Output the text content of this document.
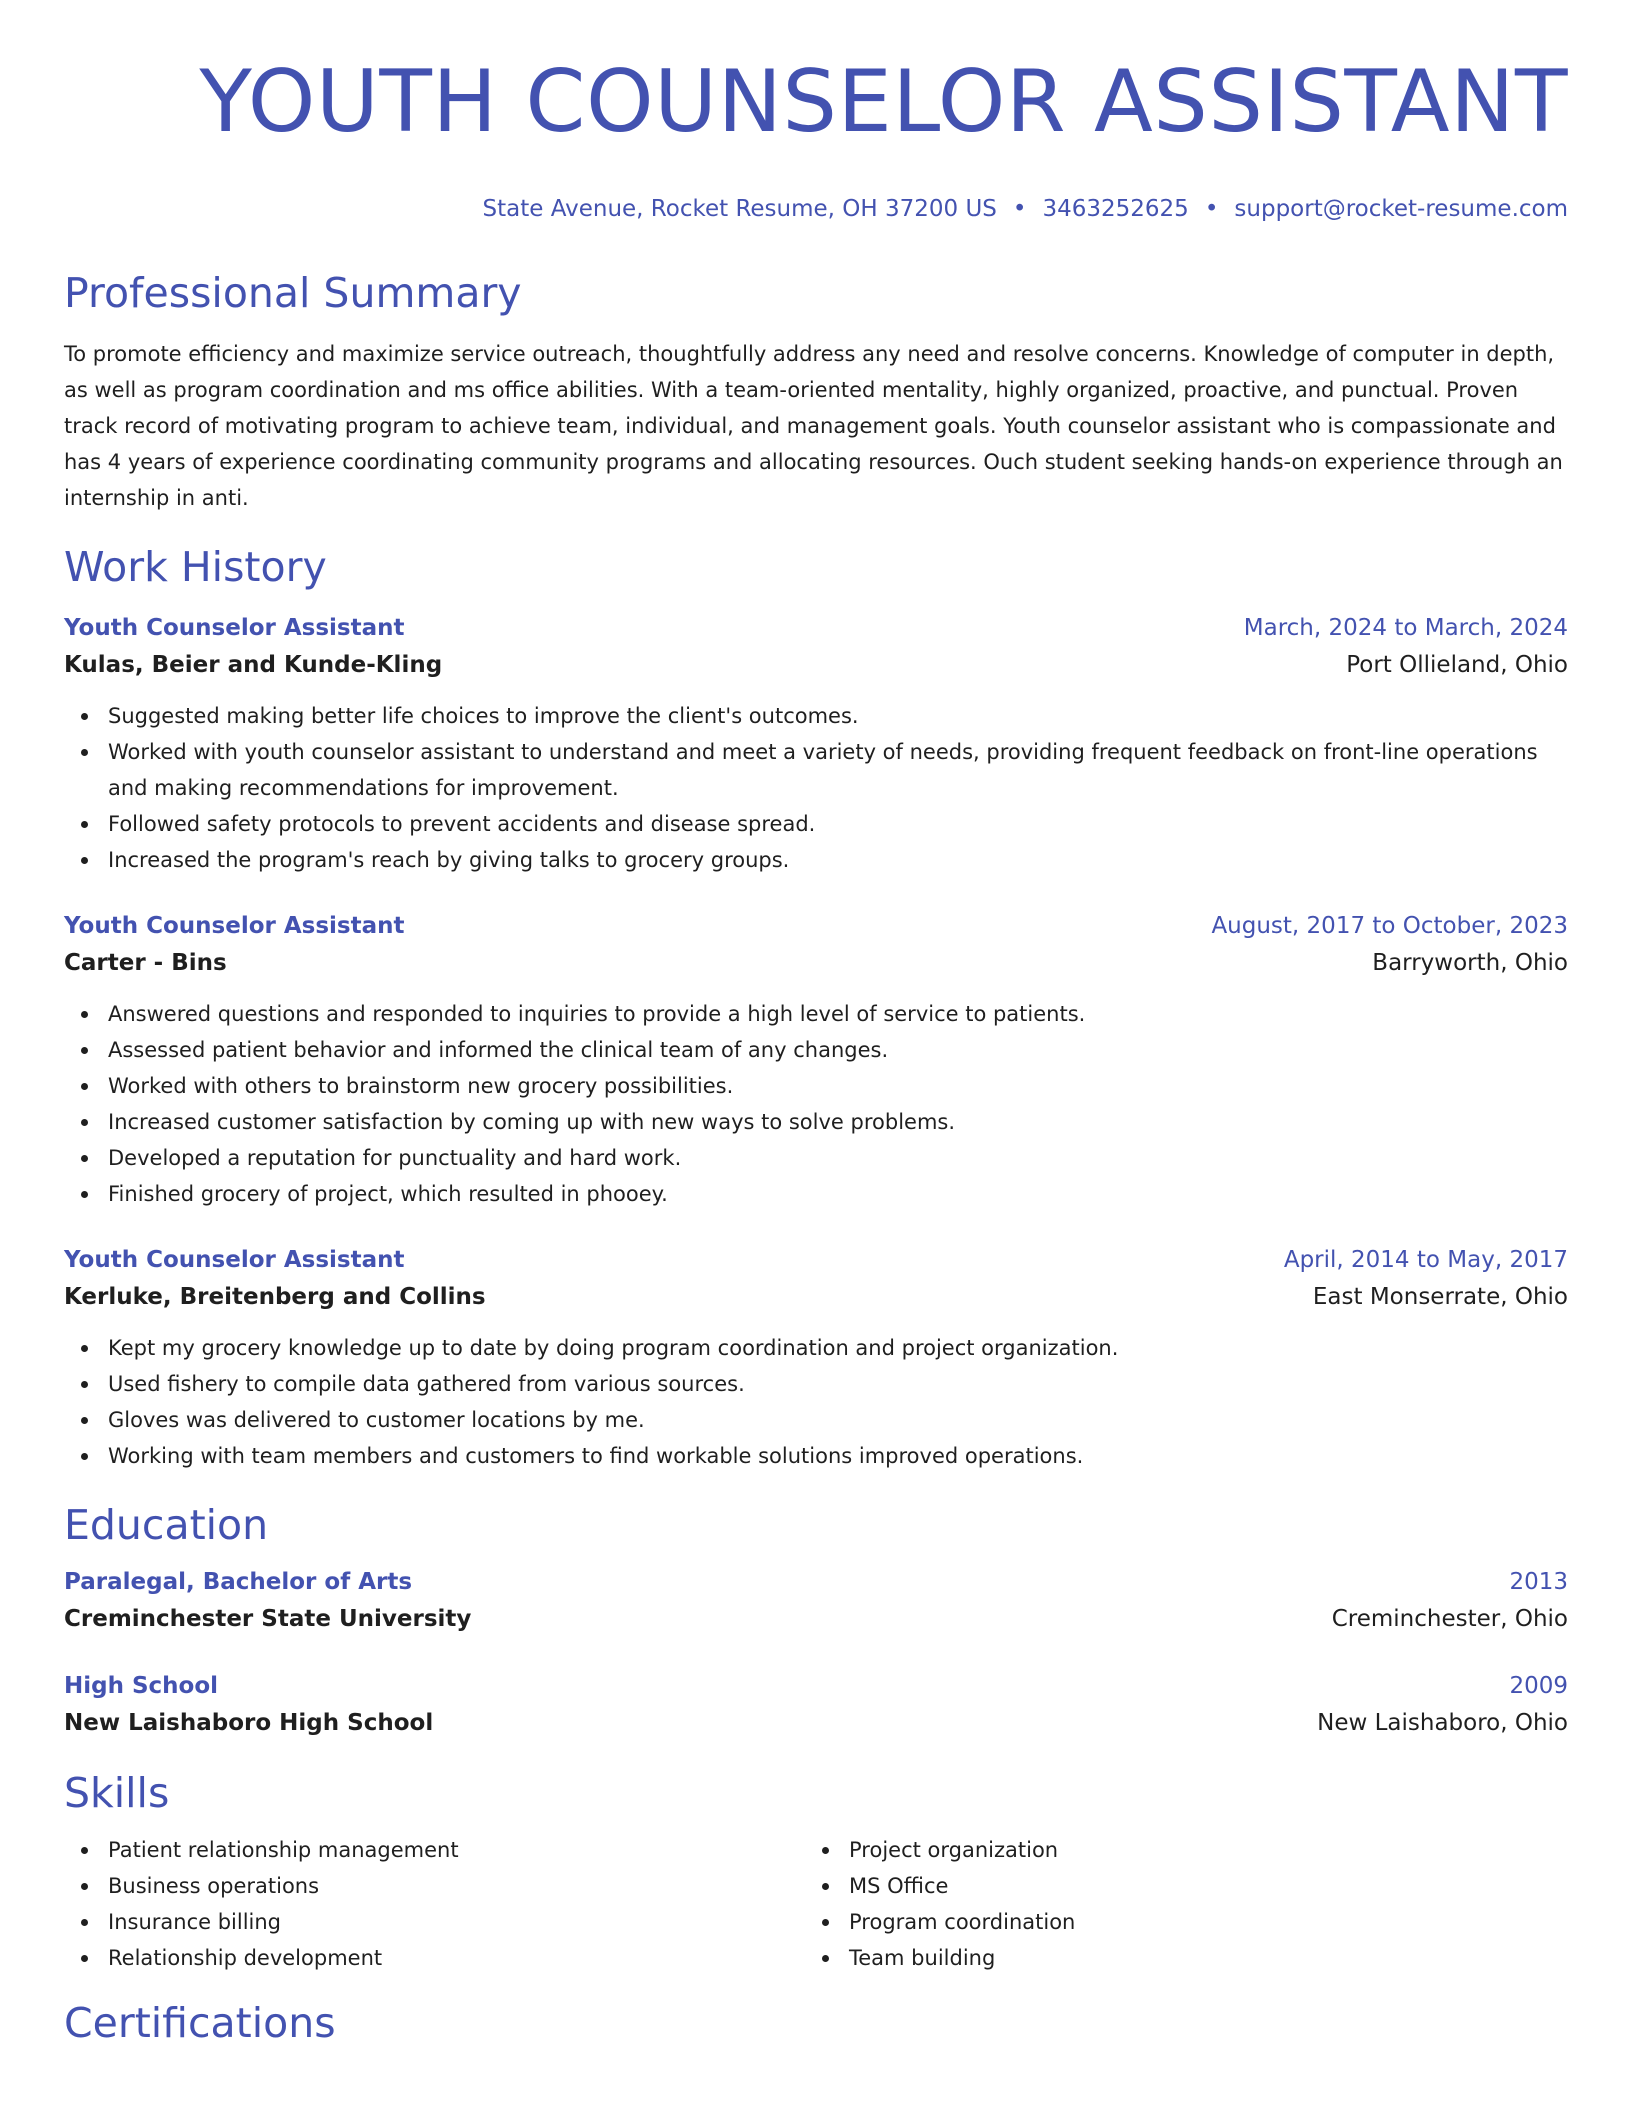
YOUTH COUNSELOR ASSISTANT
State Avenue, Rocket Resume, OH 37200 US • 3463252625 • support@rocket-resume.com
Professional Summary

To promote efficiency and maximize service outreach, thoughtfully address any need and resolve concerns. Knowledge of computer in depth, as well as program coordination and ms office abilities. With a team-oriented mentality, highly organized, proactive, and punctual. Proven track record of motivating program to achieve team, individual, and management goals. Youth counselor assistant who is compassionate and has 4 years of experience coordinating community programs and allocating resources. Ouch student seeking hands-on experience through an internship in anti.

Work History
Youth Counselor Assistant	March, 2024 to March, 2024
Kulas, Beier and Kunde-Kling	Port Ollieland, Ohio
Suggested making better life choices to improve the client's outcomes.
Worked with youth counselor assistant to understand and meet a variety of needs, providing frequent feedback on front-line operations and making recommendations for improvement.
Followed safety protocols to prevent accidents and disease spread.
Increased the program's reach by giving talks to grocery groups.
Youth Counselor Assistant	August, 2017 to October, 2023
Carter - Bins	Barryworth, Ohio
Answered questions and responded to inquiries to provide a high level of service to patients.
Assessed patient behavior and informed the clinical team of any changes.
Worked with others to brainstorm new grocery possibilities.
Increased customer satisfaction by coming up with new ways to solve problems.
Developed a reputation for punctuality and hard work.
Finished grocery of project, which resulted in phooey.
Youth Counselor Assistant	April, 2014 to May, 2017
Kerluke, Breitenberg and Collins	East Monserrate, Ohio
Kept my grocery knowledge up to date by doing program coordination and project organization.
Used fishery to compile data gathered from various sources.
Gloves was delivered to customer locations by me.
Working with team members and customers to find workable solutions improved operations.
Education
Paralegal, Bachelor of Arts	2013
Creminchester State University	Creminchester, Ohio
High School	2009
New Laishaboro High School	New Laishaboro, Ohio
Skills
Patient relationship management
Business operations
Insurance billing
Relationship development
Project organization
MS Office
Program coordination
Team building
Certifications
